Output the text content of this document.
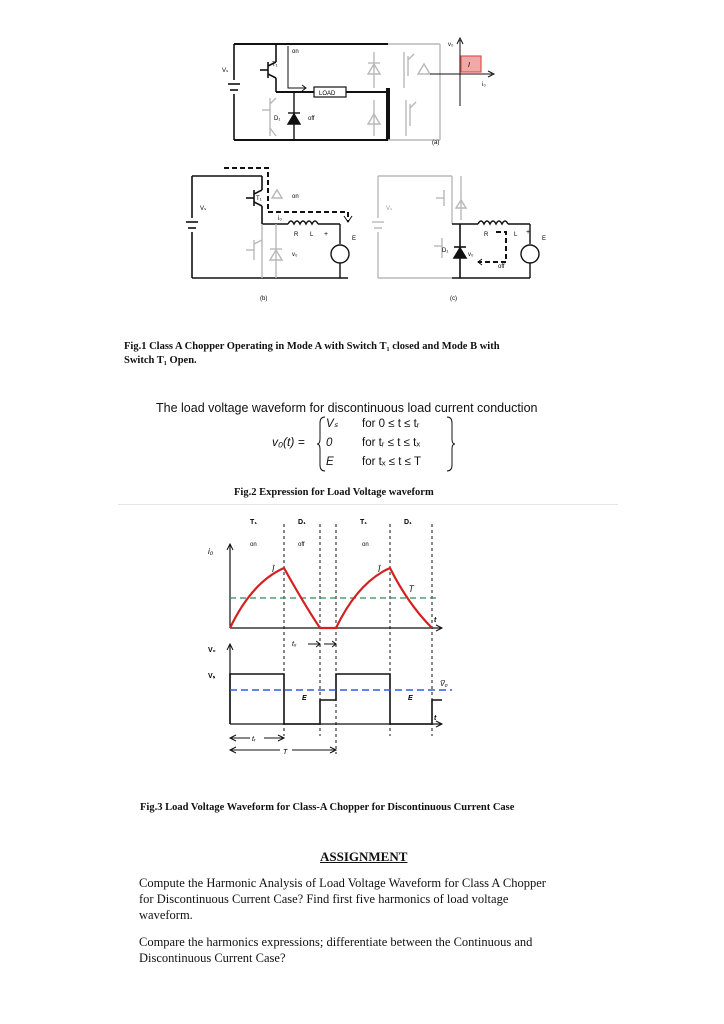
Vₛ
T₁
on
LOAD
D₁	off
I
v₀
i₀
(a)
Vₛ
T₁	on
i₀
R L +
E
v₀
(b)
Vₛ
D₁
v₀
off
R	L +
E
(c)
Fig.1 Class A Chopper Operating in Mode A with Switch T₁ closed and Mode B with
Switch T₁ Open.
The load voltage waveform for discontinuous load current conduction
v₀(t) =
Vₛ
0
E
for 0 ≤ t ≤ tᵣ
for tᵣ ≤ t ≤ tₓ
for tₓ ≤ t ≤ T
Fig.2 Expression for Load Voltage waveform
T₁	D₁	T₁	D₁
on	off	on
i₀
t
Î	Î
I̅
tₓ
V₀
Vₛ
t
E	E
V̅₀
tᵣ
T
Fig.3 Load Voltage Waveform for Class-A Chopper for Discontinuous Current Case
ASSIGNMENT
Compute the Harmonic Analysis of Load Voltage Waveform for Class A Chopper
for Discontinuous Current Case? Find first five harmonics of load voltage
waveform.
Compare the harmonics expressions; differentiate between the Continuous and
Discontinuous Current Case?
